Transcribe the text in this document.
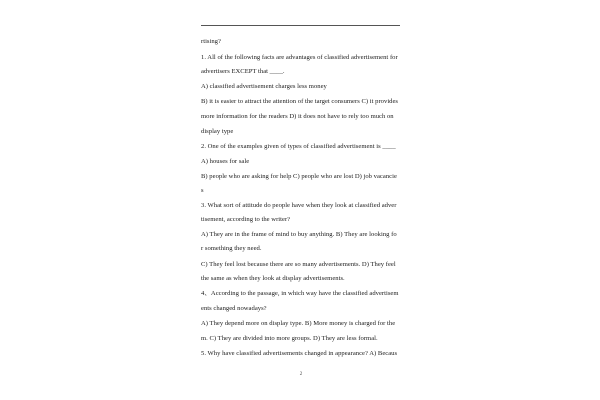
rtising?
1. All of the following facts are advantages of classified advertisement for
advertisers EXCEPT that ____.
A) classified advertisement charges less money
B) it is easier to attract the attention of the target consumers C) it provides
more information for the readers D) it does not have to rely too much on
display type
2. One of the examples given of types of classified advertisement is ____
A) houses for sale
B) people who are asking for help C) people who are lost D) job vacancie
s
3. What sort of attitude do people have when they look at classified adver
tisement, according to the writer?
A) They are in the frame of mind to buy anything. B) They are looking fo
r something they need.
C) They feel lost because there are so many advertisements. D) They feel
the same as when they look at display advertisements.
4、According to the passage, in which way have the classified advertisem
ents changed nowadays?
A) They depend more on display type. B) More money is charged for the
m. C) They are divided into more groups. D) They are less formal.
5. Why have classified advertisements changed in appearance? A) Becaus
2
